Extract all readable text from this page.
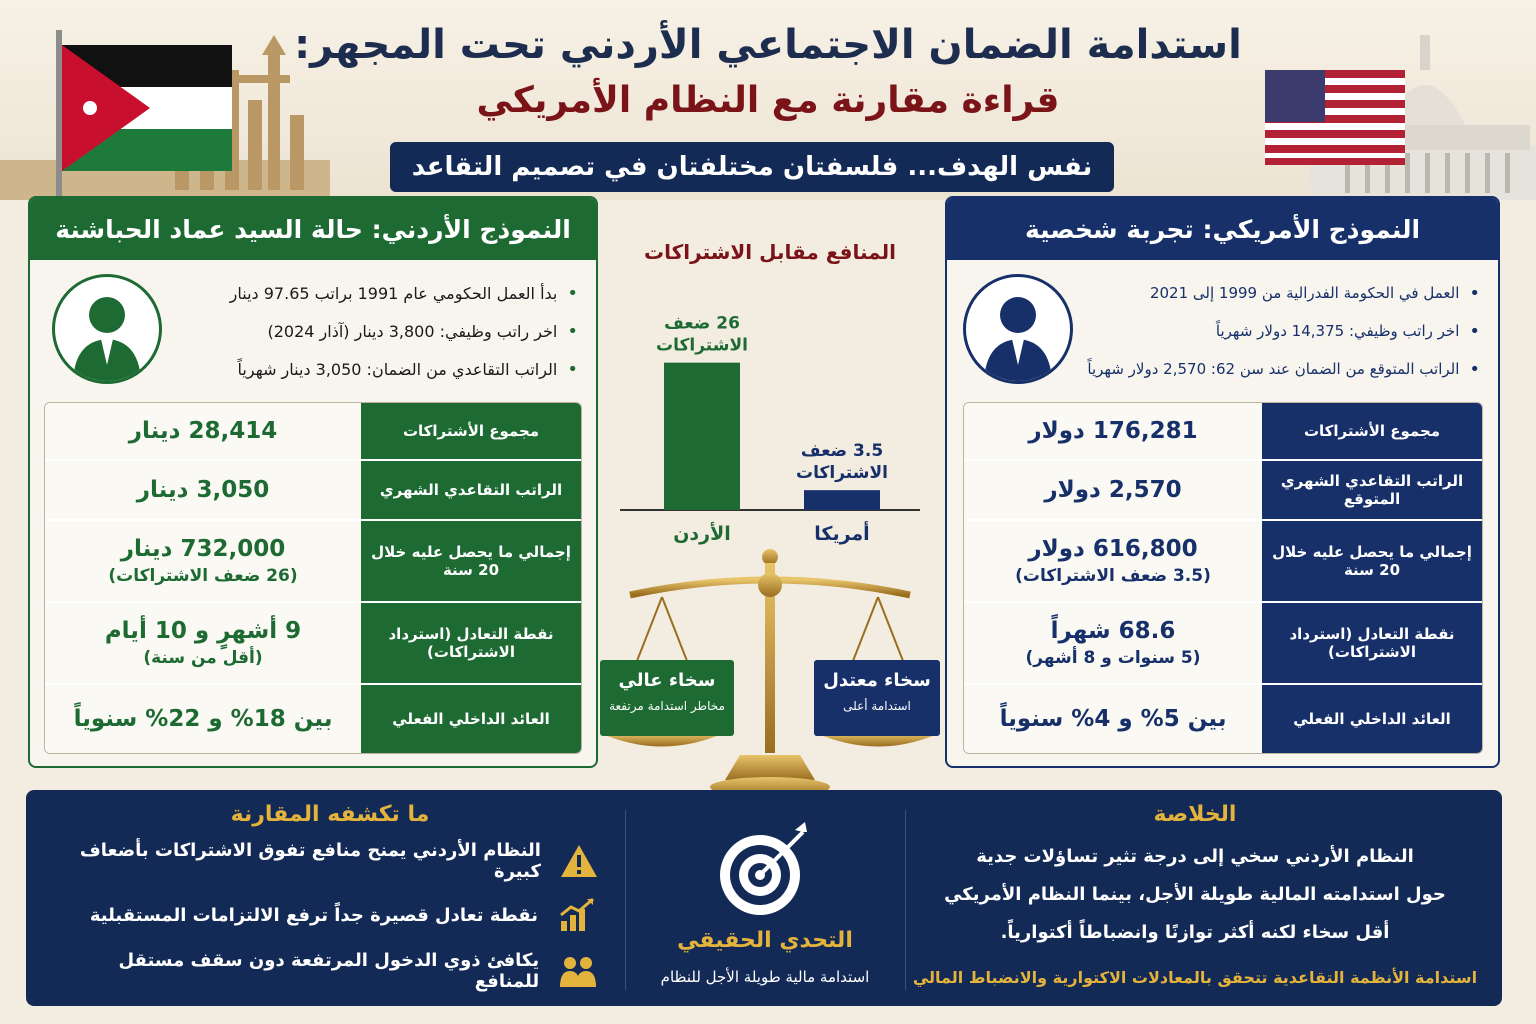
استدامة الضمان الاجتماعي الأردني تحت المجهر:
قراءة مقارنة مع النظام الأمريكي
نفس الهدف... فلسفتان مختلفتان في تصميم التقاعد
النموذج الأردني: حالة السيد عماد الحباشنة
• بدأ العمل الحكومي عام 1991 براتب 97.65 دينار
• اخر راتب وظيفي: 3,800 دينار (آذار 2024)
• الراتب التقاعدي من الضمان: 3,050 دينار شهرياً
مجموع الأشتراكات
28,414 دينار
الراتب التقاعدي الشهري
3,050 دينار
إجمالي ما يحصل عليه خلال 20 سنة
732,000 دينار
(26 ضعف الاشتراكات)
نقطة التعادل (استرداد الاشتراكات)
9 أشهرٍ و 10 أيام
(أقل من سنة)
العائد الداخلي الفعلي
بين 18% و 22% سنوياً
النموذج الأمريكي: تجربة شخصية
• العمل في الحكومة الفدرالية من 1999 إلى 2021
• اخر راتب وظيفي: 14,375 دولار شهرياً
• الراتب المتوقع من الضمان عند سن 62: 2,570 دولار شهرياً
مجموع الأشتراكات
176,281 دولار
الراتب التقاعدي الشهري المتوقع
2,570 دولار
إجمالي ما يحصل عليه خلال 20 سنة
616,800 دولار
(3.5 ضعف الاشتراكات)
نقطة التعادل (استرداد الاشتراكات)
68.6 شهراً
(5 سنوات و 8 أشهر)
العائد الداخلي الفعلي
بين 5% و 4% سنوياً
المنافع مقابل الاشتراكات
26 ضعف
الاشتراكات
الأردن
3.5 ضعف
الاشتراكات
أمريكا
سخاء عالي
مخاطر استدامة مرتفعة
سخاء معتدل
استدامة أعلى
ما تكشفه المقارنة
النظام الأردني يمنح منافع تفوق الاشتراكات بأضعاف كبيرة
نقطة تعادل قصيرة جداً ترفع الالتزامات المستقبلية
يكافئ ذوي الدخول المرتفعة دون سقف مستقل للمنافع
التحدي الحقيقي
استدامة مالية طويلة الأجل للنظام
الخلاصة
النظام الأردني سخي إلى درجة تثير تساؤلات جدية
حول استدامته المالية طويلة الأجل، بينما النظام الأمريكي
أقل سخاء لكنه أكثر توازنًا وانضباطاً أكتوارياً.
استدامة الأنظمة التقاعدية تتحقق بالمعادلات الاكتوارية والانضباط المالي
